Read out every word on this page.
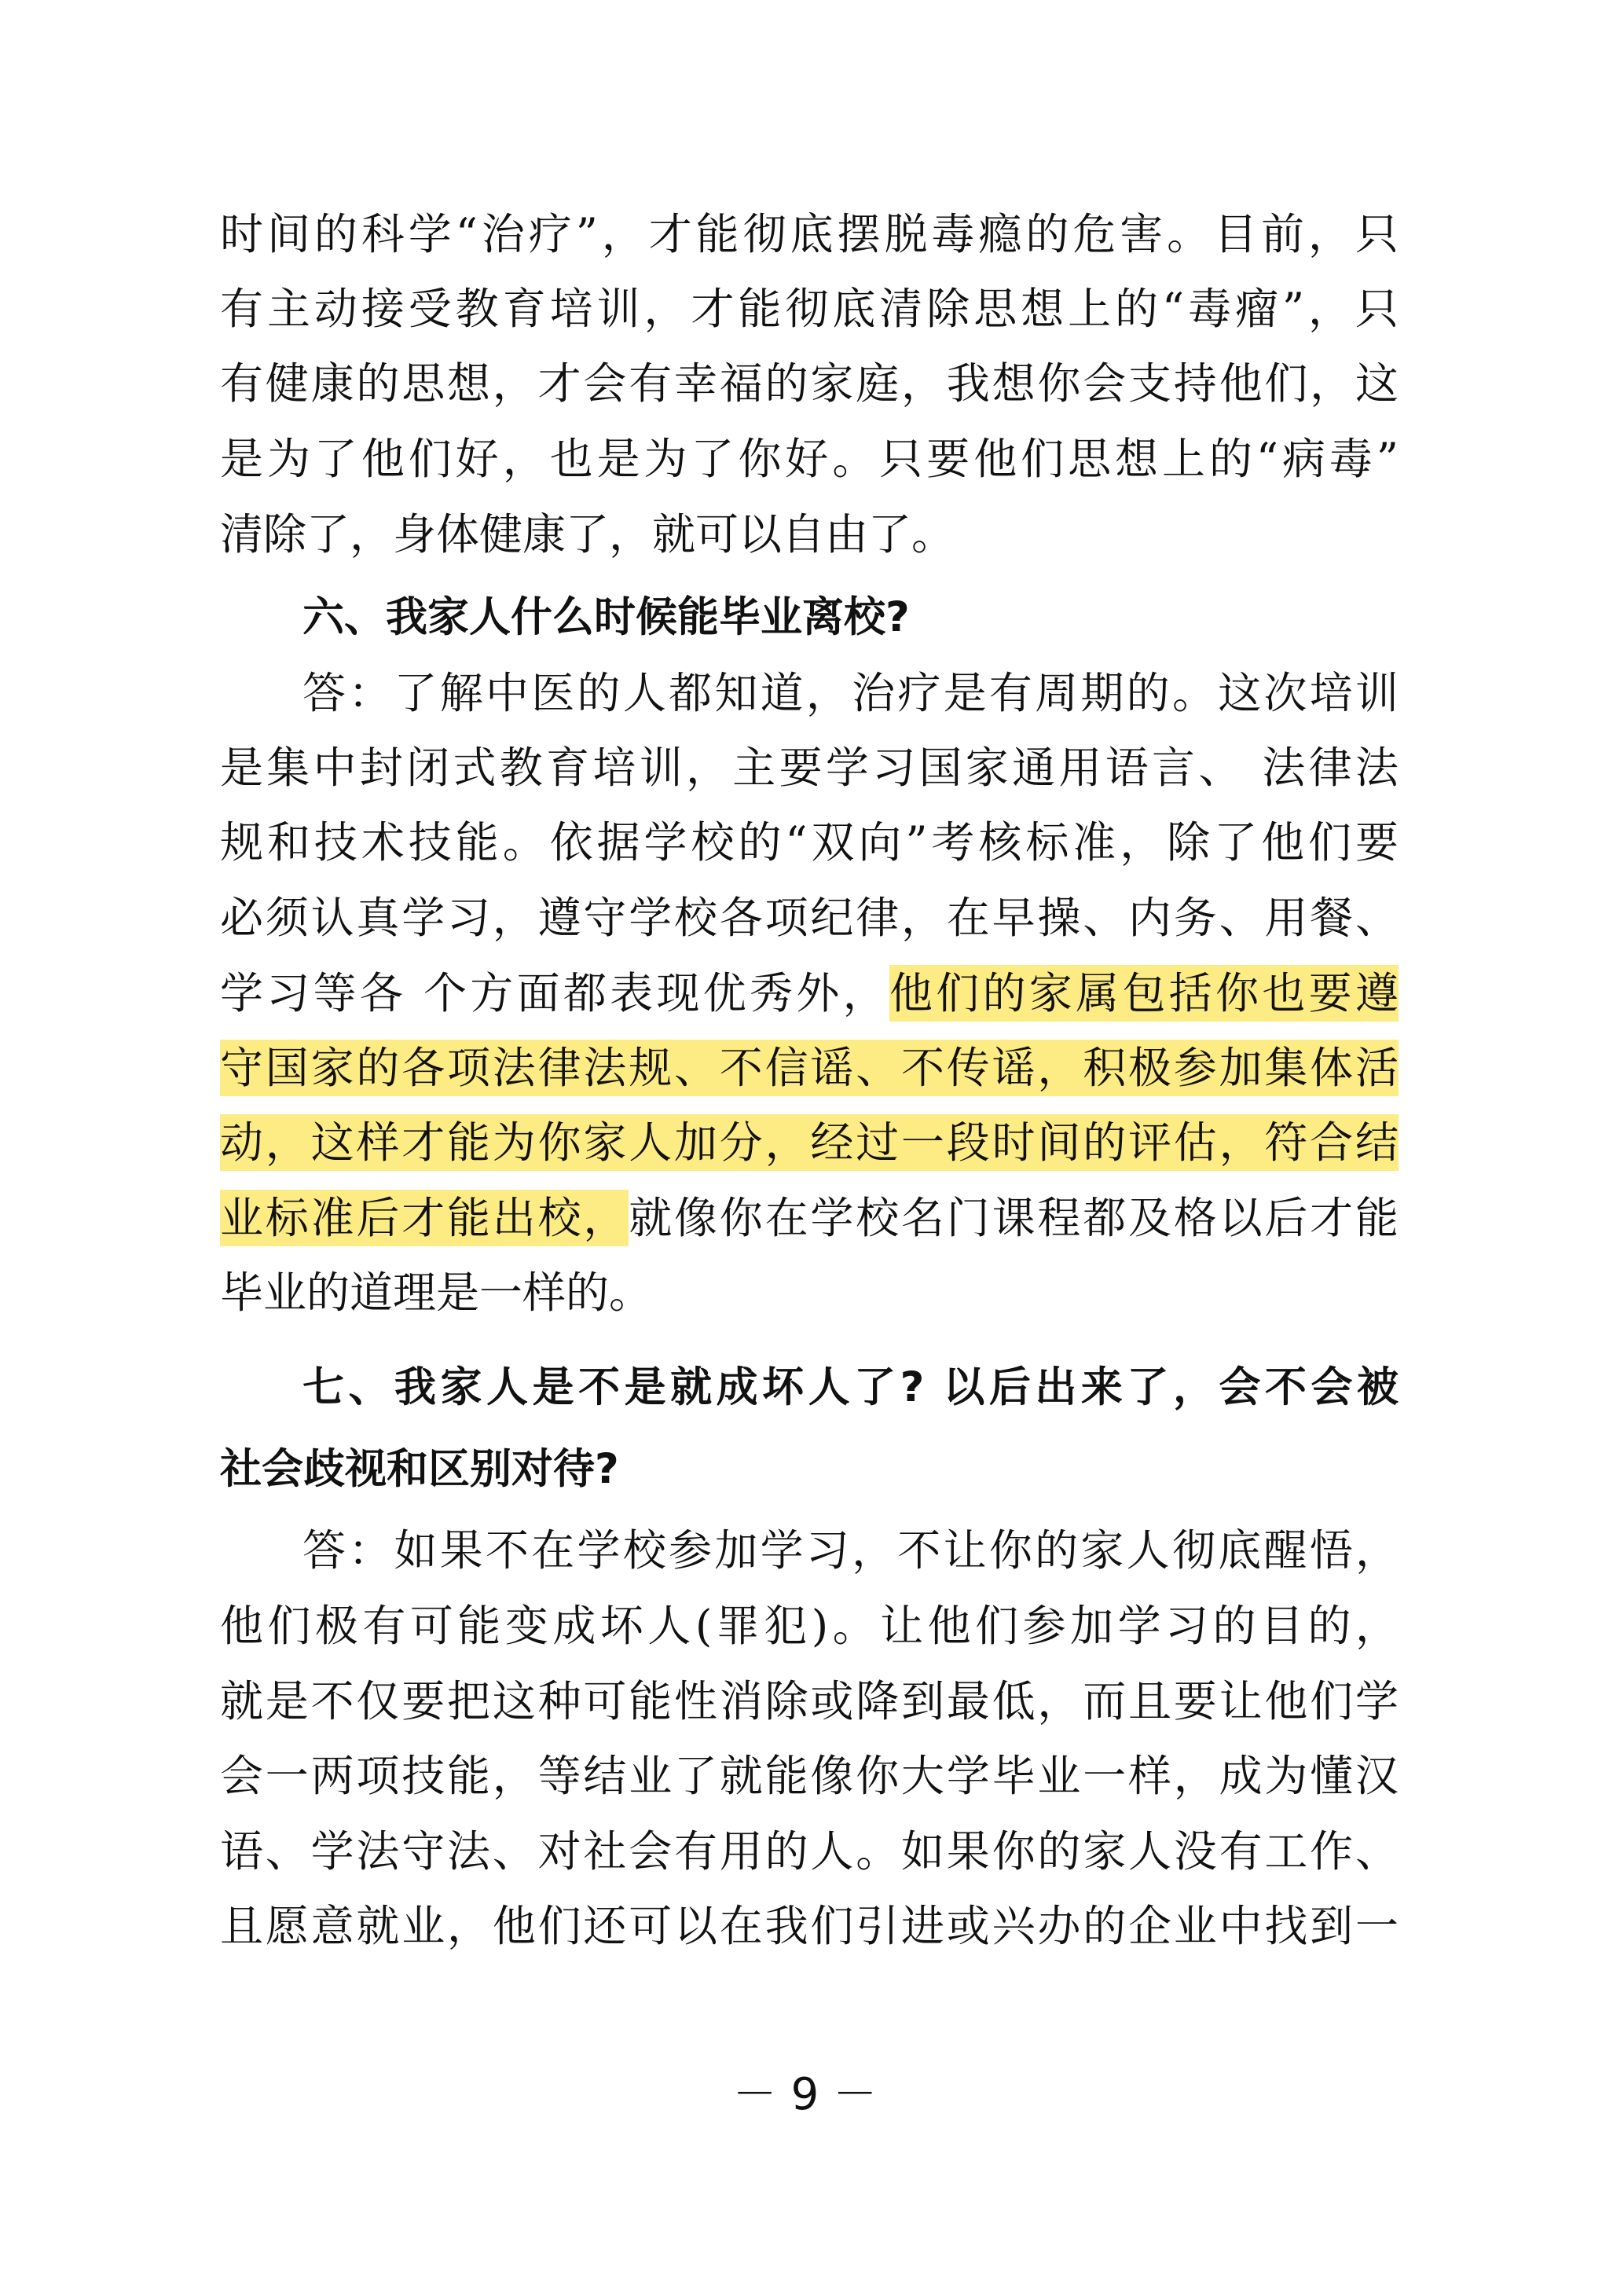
时间的科学“治疗”，才能彻底摆脱毒瘾的危害。目前，只
有主动接受教育培训，才能彻底清除思想上的“毒瘤”，只
有健康的思想，才会有幸福的家庭，我想你会支持他们，这
是为了他们好，也是为了你好。只要他们思想上的“病毒”
清除了，身体健康了，就可以自由了。
六、我家人什么时候能毕业离校?
答：了解中医的人都知道，治疗是有周期的。这次培训
是集中封闭式教育培训，主要学习国家通用语言、 法律法
规和技术技能。依据学校的“双向”考核标准，除了他们要
必须认真学习，遵守学校各项纪律，在早操、内务、用餐、
学习等各 个方面都表现优秀外，他们的家属包括你也要遵
守国家的各项法律法规、不信谣、不传谣，积极参加集体活
动，这样才能为你家人加分，经过一段时间的评估，符合结
业标准后才能出校，就像你在学校名门课程都及格以后才能
毕业的道理是一样的。
七、我家人是不是就成坏人了? 以后出来了，会不会被
社会歧视和区别对待?
答：如果不在学校参加学习，不让你的家人彻底醒悟，
他们极有可能变成坏人(罪犯)。让他们参加学习的目的，
就是不仅要把这种可能性消除或降到最低，而且要让他们学
会一两项技能，等结业了就能像你大学毕业一样，成为懂汉
语、学法守法、对社会有用的人。如果你的家人没有工作、
且愿意就业，他们还可以在我们引进或兴办的企业中找到一
－9－
